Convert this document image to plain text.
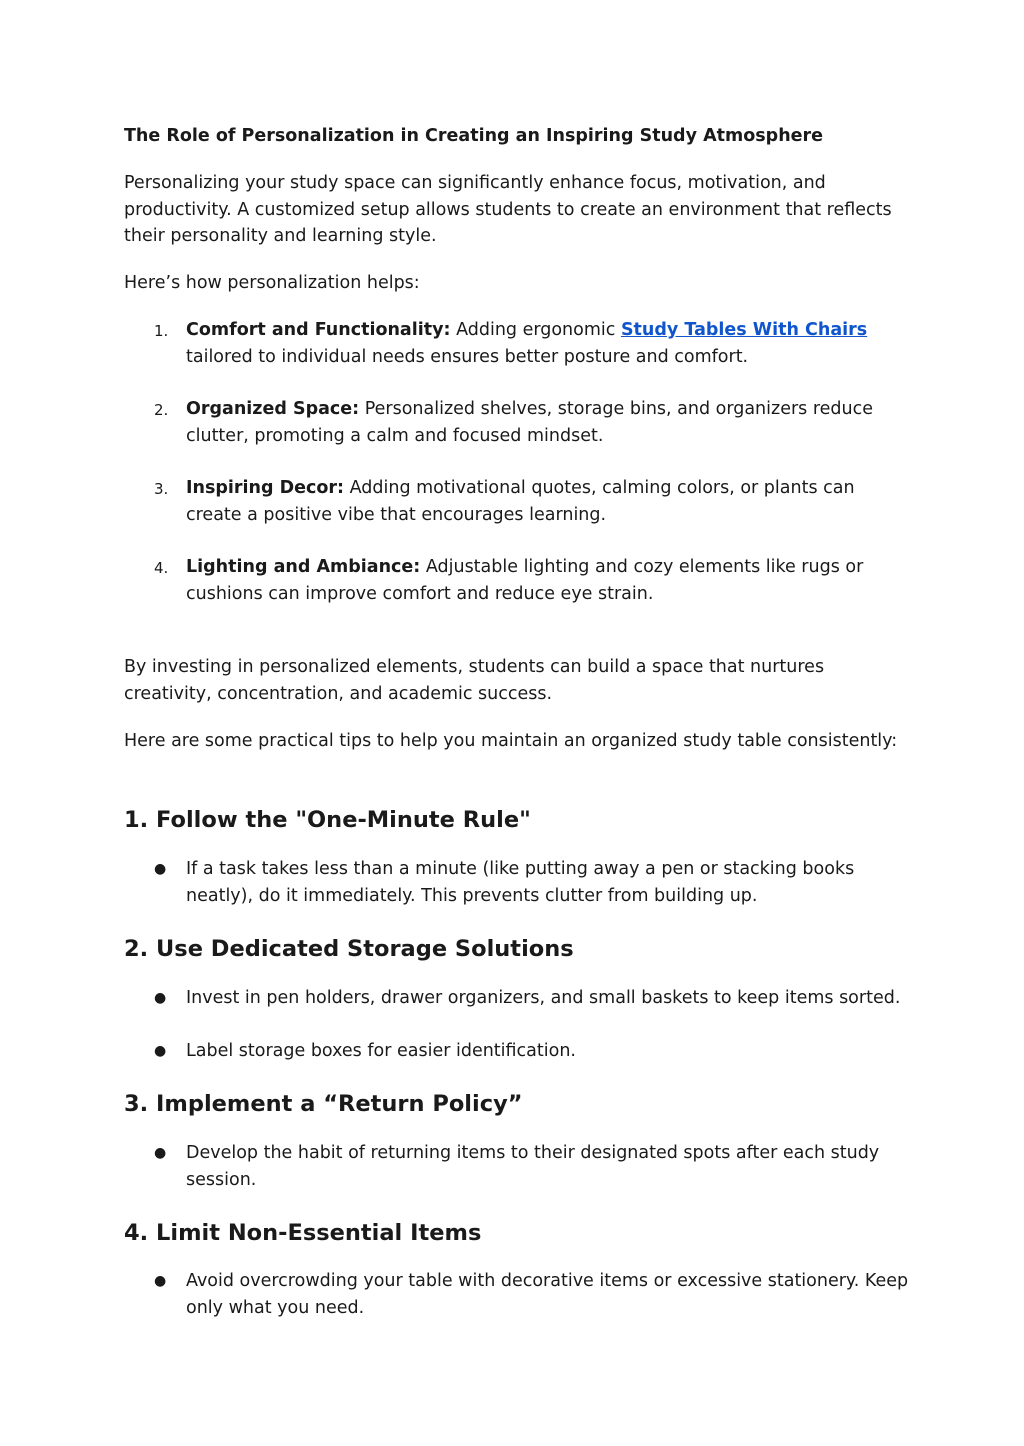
The Role of Personalization in Creating an Inspiring Study Atmosphere

Personalizing your study space can significantly enhance focus, motivation, and productivity. A customized setup allows students to create an environment that reflects their personality and learning style.

Here’s how personalization helps:

1. Comfort and Functionality: Adding ergonomic Study Tables With Chairs tailored to individual needs ensures better posture and comfort.
2. Organized Space: Personalized shelves, storage bins, and organizers reduce clutter, promoting a calm and focused mindset.
3. Inspiring Decor: Adding motivational quotes, calming colors, or plants can create a positive vibe that encourages learning.
4. Lighting and Ambiance: Adjustable lighting and cozy elements like rugs or cushions can improve comfort and reduce eye strain.

By investing in personalized elements, students can build a space that nurtures creativity, concentration, and academic success.

Here are some practical tips to help you maintain an organized study table consistently:

1. Follow the "One-Minute Rule"
● If a task takes less than a minute (like putting away a pen or stacking books neatly), do it immediately. This prevents clutter from building up.
2. Use Dedicated Storage Solutions
● Invest in pen holders, drawer organizers, and small baskets to keep items sorted.
● Label storage boxes for easier identification.
3. Implement a “Return Policy”
● Develop the habit of returning items to their designated spots after each study session.
4. Limit Non-Essential Items
● Avoid overcrowding your table with decorative items or excessive stationery. Keep only what you need.
